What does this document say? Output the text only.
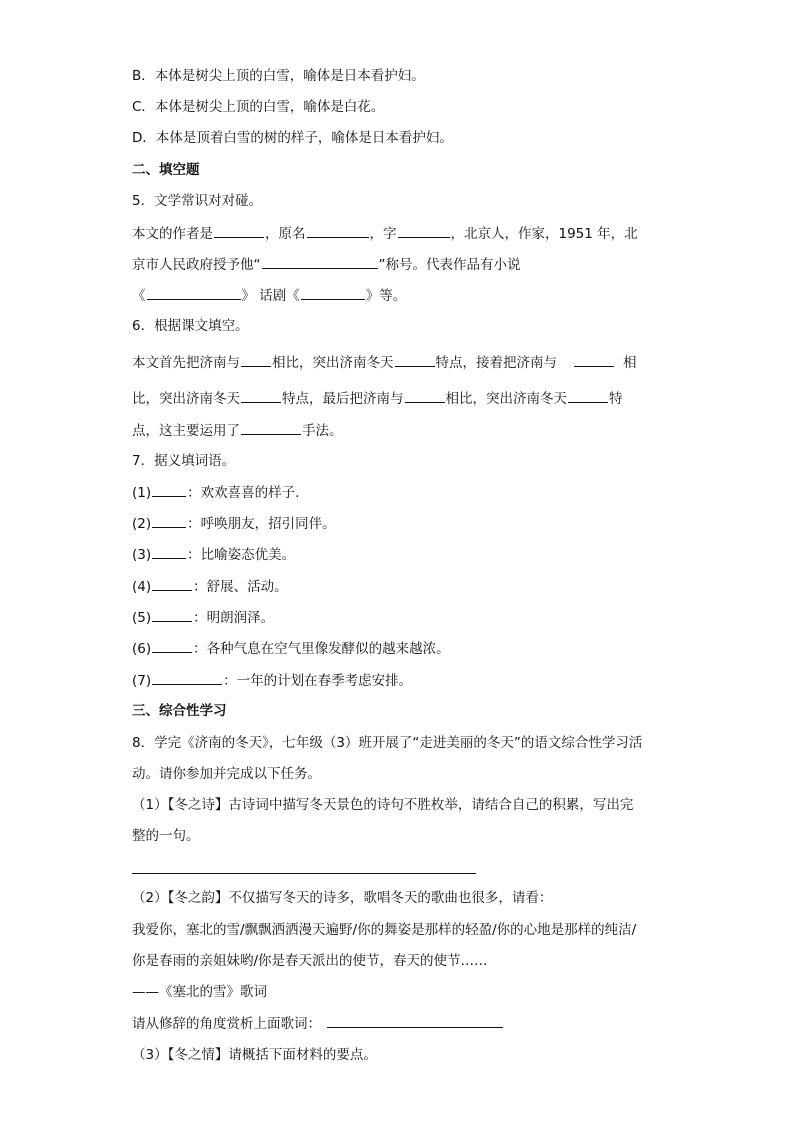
B．本体是树尖上顶的白雪，喻体是日本看护妇。
C．本体是树尖上顶的白雪，喻体是白花。
D．本体是顶着白雪的树的样子，喻体是日本看护妇。
二、填空题
5．文学常识对对碰。
本文的作者是	，原名	，字	，北京人，作家，1951 年，北
京市人民政府授予他“	”称号。代表作品有小说
《	》 话剧《	》等。
6．根据课文填空。
本文首先把济南与 相比，突出济南冬天	特点，接着把济南与	相
比，突出济南冬天	特点，最后把济南与	相比，突出济南冬天	特
点，这主要运用了	手法。
7．据义填词语。
(1)	：欢欢喜喜的样子.
(2)	：呼唤朋友，招引同伴。
(3)	：比喻姿态优美。
(4)	：舒展、活动。
(5)	：明朗润泽。
(6)	：各种气息在空气里像发酵似的越来越浓。
(7)	：一年的计划在春季考虑安排。
三、综合性学习
8．学完《济南的冬天》，七年级（3）班开展了“走进美丽的冬天”的语文综合性学习活
动。请你参加并完成以下任务。
（1）【冬之诗】古诗词中描写冬天景色的诗句不胜枚举，请结合自己的积累，写出完
整的一句。
（2）【冬之韵】不仅描写冬天的诗多，歌唱冬天的歌曲也很多，请看：
我爱你，塞北的雪/飘飘洒洒漫天遍野/你的舞姿是那样的轻盈/你的心地是那样的纯洁/
你是春雨的亲姐妹哟/你是春天派出的使节，春天的使节……
——《塞北的雪》歌词
请从修辞的角度赏析上面歌词：
（3）【冬之情】请概括下面材料的要点。
